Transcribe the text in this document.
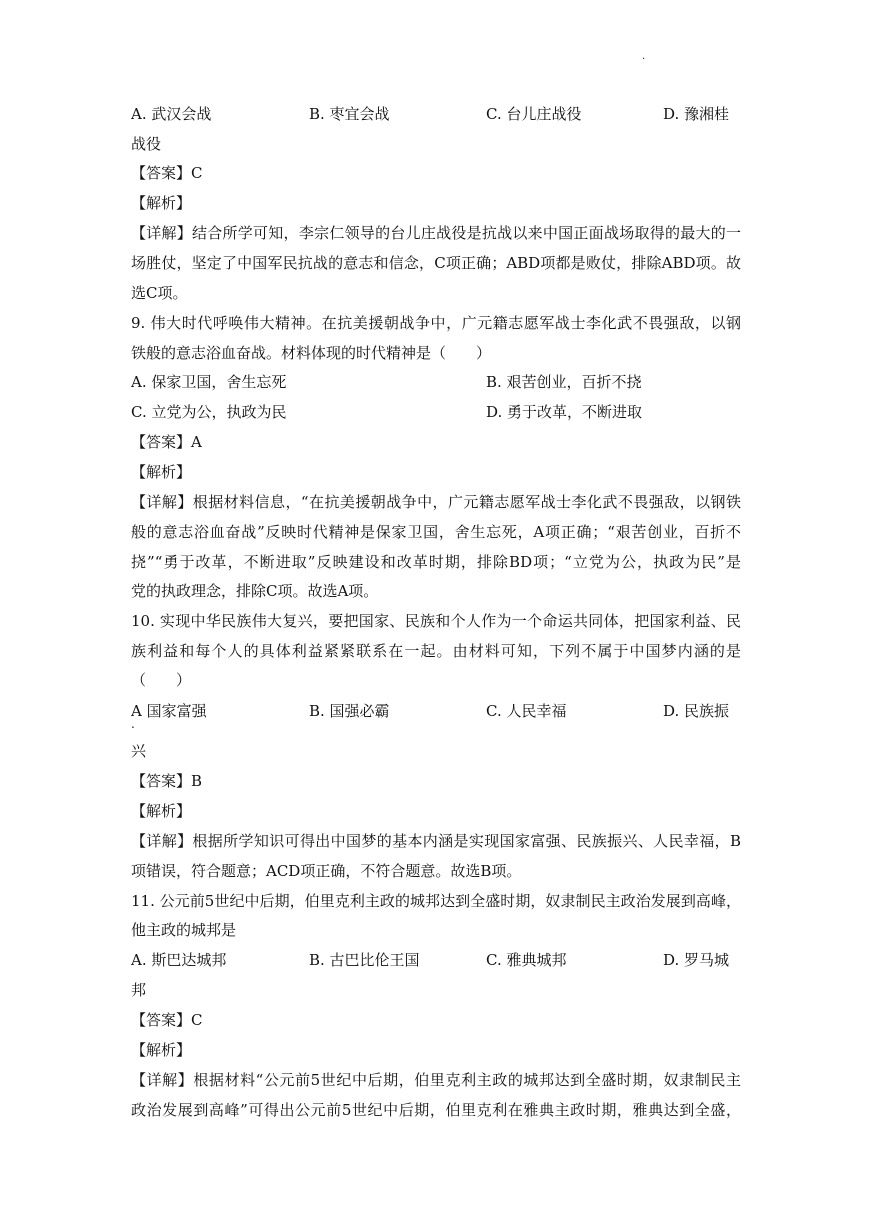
.
A. 武汉会战	B. 枣宜会战	C. 台儿庄战役	D. 豫湘桂
战役
【答案】C
【解析】
【详解】结合所学可知，李宗仁领导的台儿庄战役是抗战以来中国正面战场取得的最大的一
场胜仗，坚定了中国军民抗战的意志和信念，C项正确；ABD项都是败仗，排除ABD项。故
选C项。
9. 伟大时代呼唤伟大精神。在抗美援朝战争中，广元籍志愿军战士李化武不畏强敌，以钢
铁般的意志浴血奋战。材料体现的时代精神是（　　）
A. 保家卫国，舍生忘死	B. 艰苦创业，百折不挠
C. 立党为公，执政为民	D. 勇于改革，不断进取
【答案】A
【解析】
【详解】根据材料信息，“在抗美援朝战争中，广元籍志愿军战士李化武不畏强敌，以钢铁
般的意志浴血奋战”反映时代精神是保家卫国，舍生忘死，A项正确；“艰苦创业，百折不
挠”“勇于改革，不断进取”反映建设和改革时期，排除BD项；“立党为公，执政为民”是
党的执政理念，排除C项。故选A项。
10. 实现中华民族伟大复兴，要把国家、民族和个人作为一个命运共同体，把国家利益、民
族利益和每个人的具体利益紧紧联系在一起。由材料可知，下列不属于中国梦内涵的是
（　　）
A 国家富强	B. 国强必霸	C. 人民幸福	D. 民族振
.
兴
【答案】B
【解析】
【详解】根据所学知识可得出中国梦的基本内涵是实现国家富强、民族振兴、人民幸福，B
项错误，符合题意；ACD项正确，不符合题意。故选B项。
11. 公元前5世纪中后期，伯里克利主政的城邦达到全盛时期，奴隶制民主政治发展到高峰，
他主政的城邦是
A. 斯巴达城邦	B. 古巴比伦王国	C. 雅典城邦	D. 罗马城
邦
【答案】C
【解析】
【详解】根据材料“公元前5世纪中后期，伯里克利主政的城邦达到全盛时期，奴隶制民主
政治发展到高峰”可得出公元前5世纪中后期，伯里克利在雅典主政时期，雅典达到全盛，
